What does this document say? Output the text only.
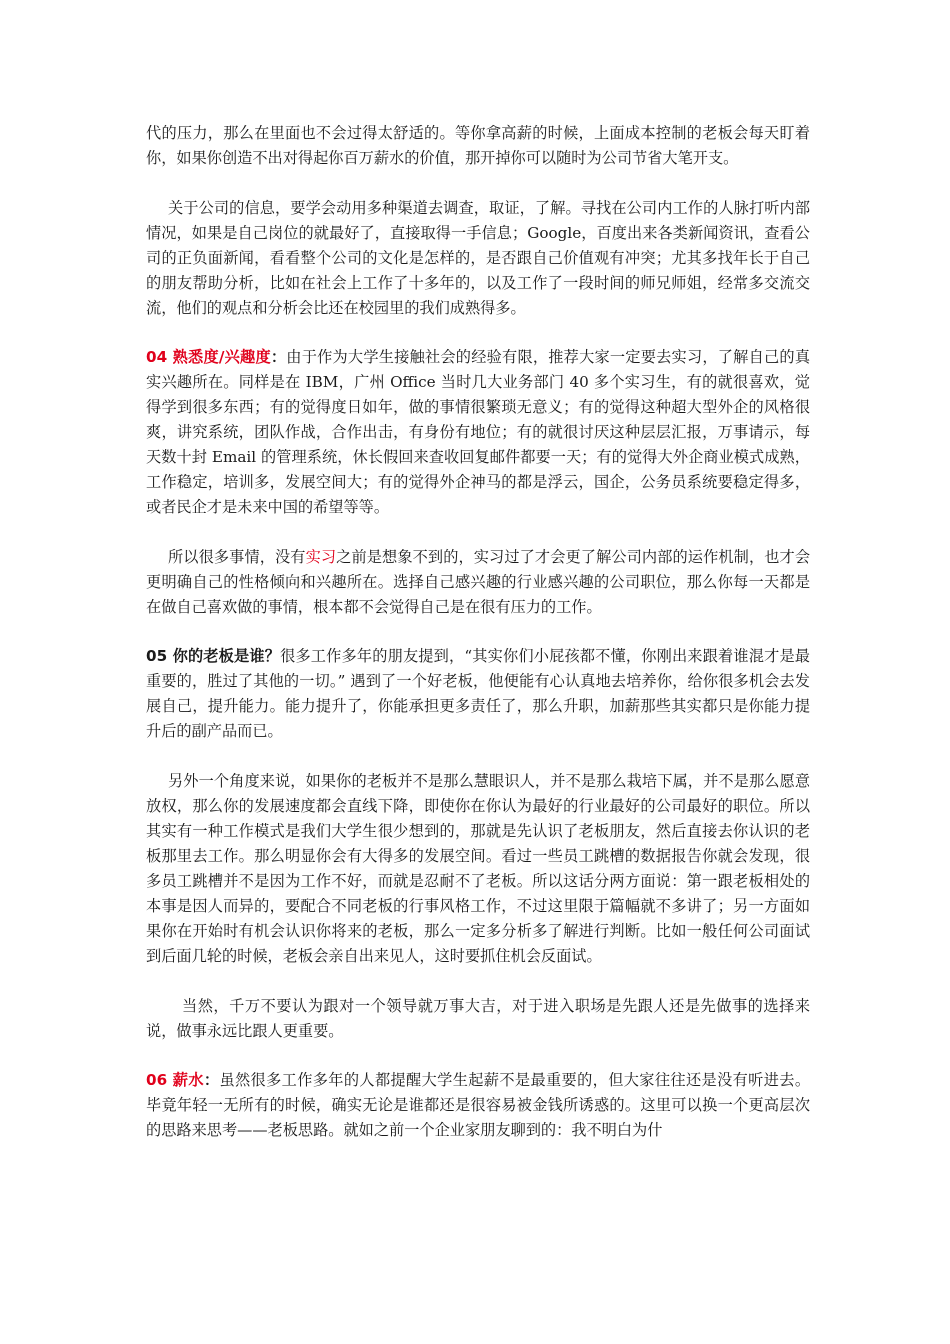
代的压力，那么在里面也不会过得太舒适的。等你拿高薪的时候，上面成本控制的老板会每天盯着你，如果你创造不出对得起你百万薪水的价值，那开掉你可以随时为公司节省大笔开支。

关于公司的信息，要学会动用多种渠道去调查，取证，了解。寻找在公司内工作的人脉打听内部情况，如果是自己岗位的就最好了，直接取得一手信息；Google，百度出来各类新闻资讯，查看公司的正负面新闻，看看整个公司的文化是怎样的，是否跟自己价值观有冲突；尤其多找年长于自己的朋友帮助分析，比如在社会上工作了十多年的，以及工作了一段时间的师兄师姐，经常多交流交流，他们的观点和分析会比还在校园里的我们成熟得多。

04 熟悉度/兴趣度：由于作为大学生接触社会的经验有限，推荐大家一定要去实习，了解自己的真实兴趣所在。同样是在 IBM，广州 Office 当时几大业务部门 40 多个实习生，有的就很喜欢，觉得学到很多东西；有的觉得度日如年，做的事情很繁琐无意义；有的觉得这种超大型外企的风格很爽，讲究系统，团队作战，合作出击，有身份有地位；有的就很讨厌这种层层汇报，万事请示，每天数十封 Email 的管理系统，休长假回来查收回复邮件都要一天；有的觉得大外企商业模式成熟，工作稳定，培训多，发展空间大；有的觉得外企神马的都是浮云，国企，公务员系统要稳定得多，或者民企才是未来中国的希望等等。

所以很多事情，没有实习之前是想象不到的，实习过了才会更了解公司内部的运作机制，也才会更明确自己的性格倾向和兴趣所在。选择自己感兴趣的行业感兴趣的公司职位，那么你每一天都是在做自己喜欢做的事情，根本都不会觉得自己是在很有压力的工作。

05 你的老板是谁？很多工作多年的朋友提到，“其实你们小屁孩都不懂，你刚出来跟着谁混才是最重要的，胜过了其他的一切。” 遇到了一个好老板，他便能有心认真地去培养你，给你很多机会去发展自己，提升能力。能力提升了，你能承担更多责任了，那么升职，加薪那些其实都只是你能力提升后的副产品而已。

另外一个角度来说，如果你的老板并不是那么慧眼识人，并不是那么栽培下属，并不是那么愿意放权，那么你的发展速度都会直线下降，即使你在你认为最好的行业最好的公司最好的职位。所以其实有一种工作模式是我们大学生很少想到的，那就是先认识了老板朋友，然后直接去你认识的老板那里去工作。那么明显你会有大得多的发展空间。看过一些员工跳槽的数据报告你就会发现，很多员工跳槽并不是因为工作不好，而就是忍耐不了老板。所以这话分两方面说：第一跟老板相处的本事是因人而异的，要配合不同老板的行事风格工作，不过这里限于篇幅就不多讲了；另一方面如果你在开始时有机会认识你将来的老板，那么一定多分析多了解进行判断。比如一般任何公司面试到后面几轮的时候，老板会亲自出来见人，这时要抓住机会反面试。

当然，千万不要认为跟对一个领导就万事大吉，对于进入职场是先跟人还是先做事的选择来说，做事永远比跟人更重要。

06 薪水：虽然很多工作多年的人都提醒大学生起薪不是最重要的，但大家往往还是没有听进去。毕竟年轻一无所有的时候，确实无论是谁都还是很容易被金钱所诱惑的。这里可以换一个更高层次的思路来思考——老板思路。就如之前一个企业家朋友聊到的：我不明白为什
